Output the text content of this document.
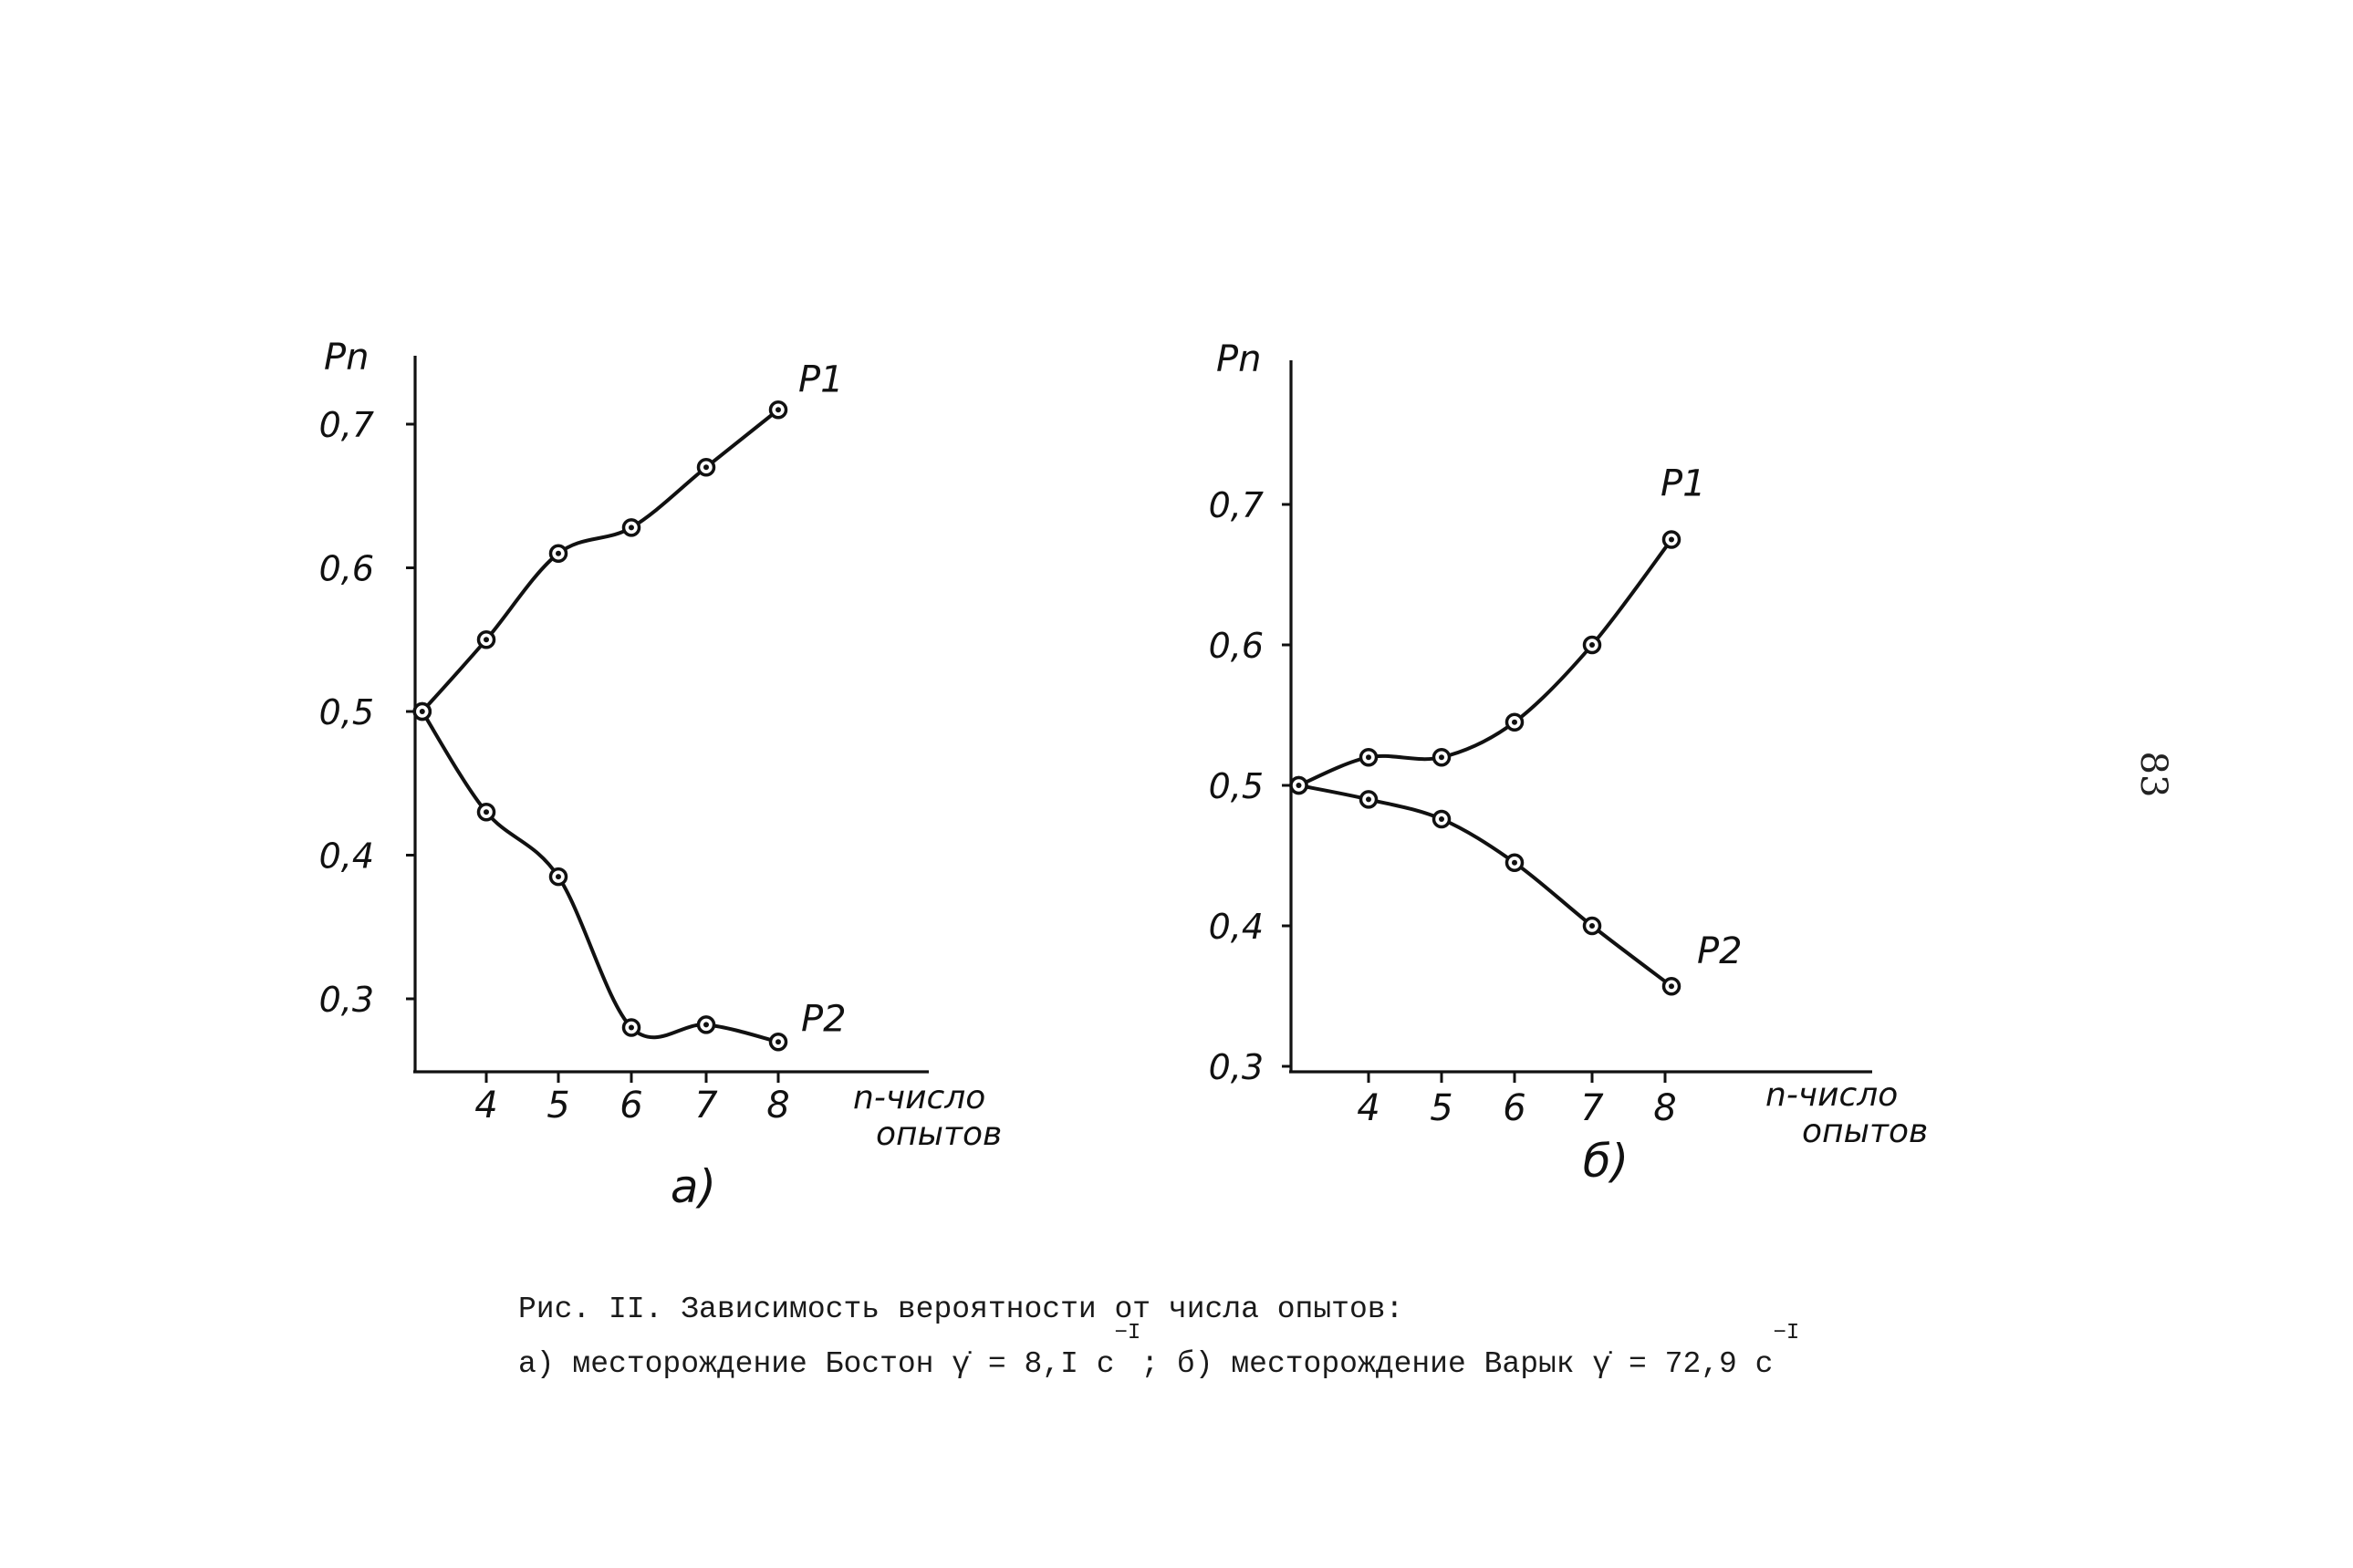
0,7
0,6
0,5
0,4
0,3
4 5 6 7 8
Pn
n-число
опытов
а)
P1
P2
0,7
0,6
0,5
0,4
0,3
4 5 6 7 8
Pn
n-число
опытов
б)
P1
P2
Рис. II. Зависимость вероятности от числа опытов:
а) месторождение Бостон γ̇ = 8,I $с^{-I}$; б) месторождение Варык γ̇ = 72,9 $с^{-I}$
83
